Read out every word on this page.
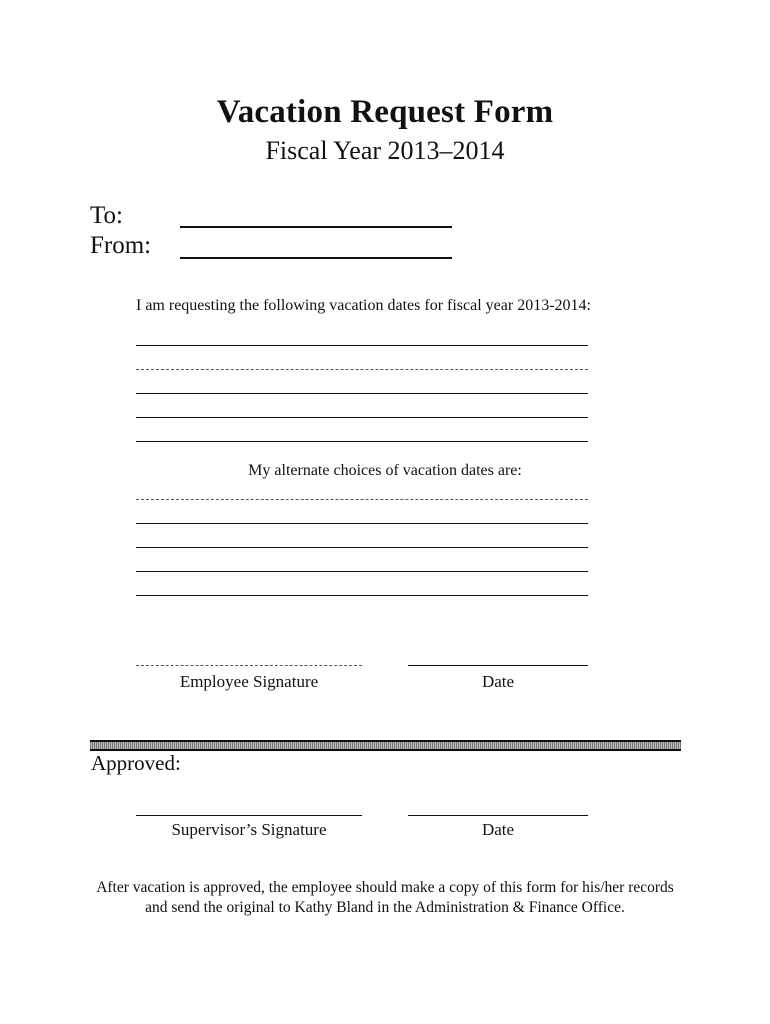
Vacation Request Form
Fiscal Year 2013–2014
To:
From:
I am requesting the following vacation dates for fiscal year 2013-2014:
My alternate choices of vacation dates are:
Employee Signature	Date
Approved:
Supervisor’s Signature	Date
After vacation is approved, the employee should make a copy of this form for his/her records
and send the original to Kathy Bland in the Administration & Finance Office.
